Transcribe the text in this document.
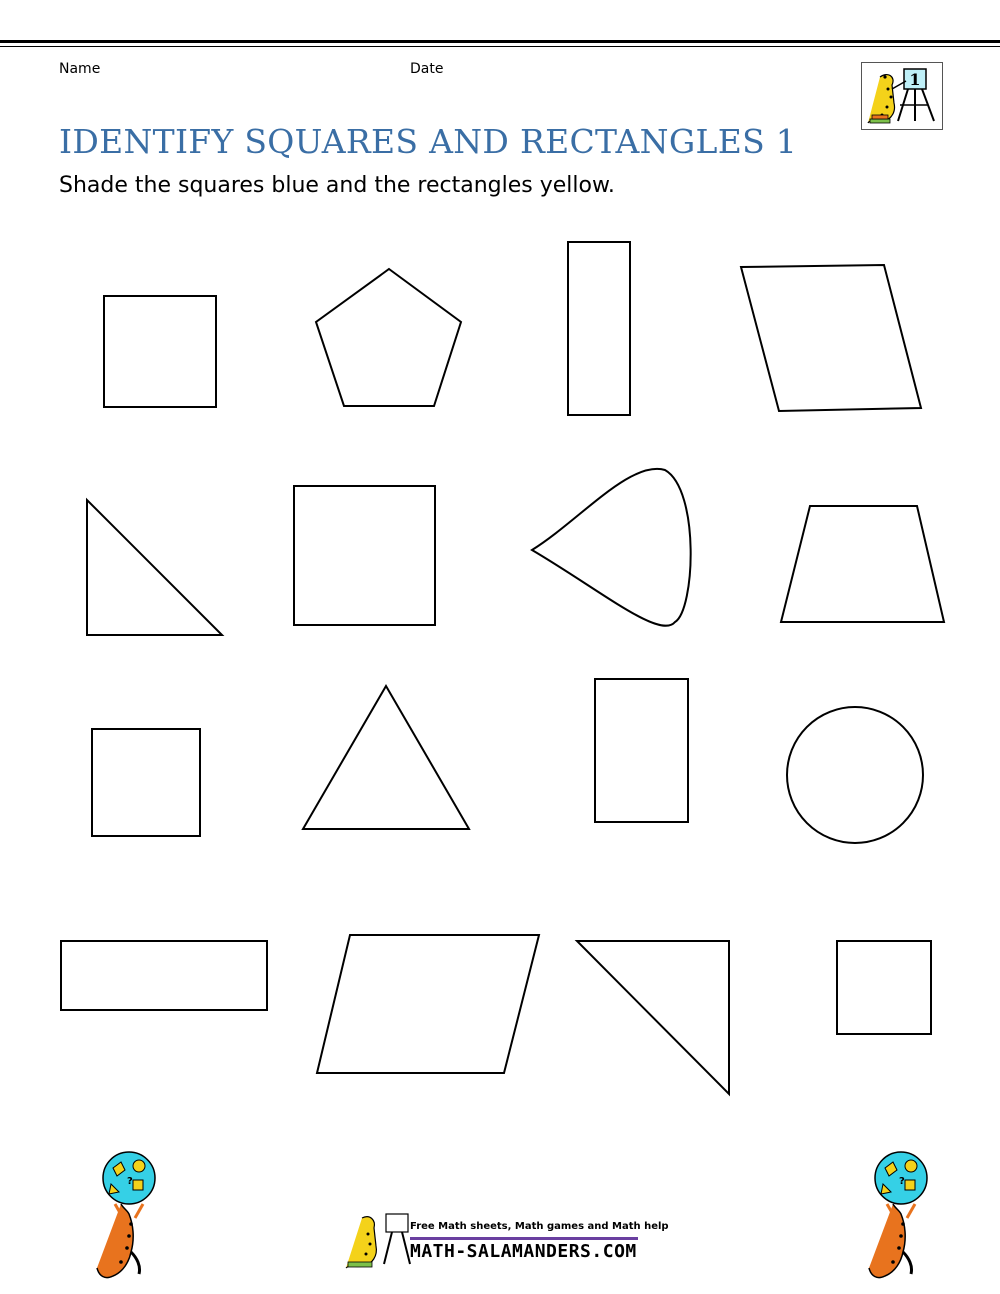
Name	Date
1
IDENTIFY SQUARES AND RECTANGLES 1
Shade the squares blue and the rectangles yellow.
?	?
Free Math sheets, Math games and Math help
MATH-SALAMANDERS.COM
